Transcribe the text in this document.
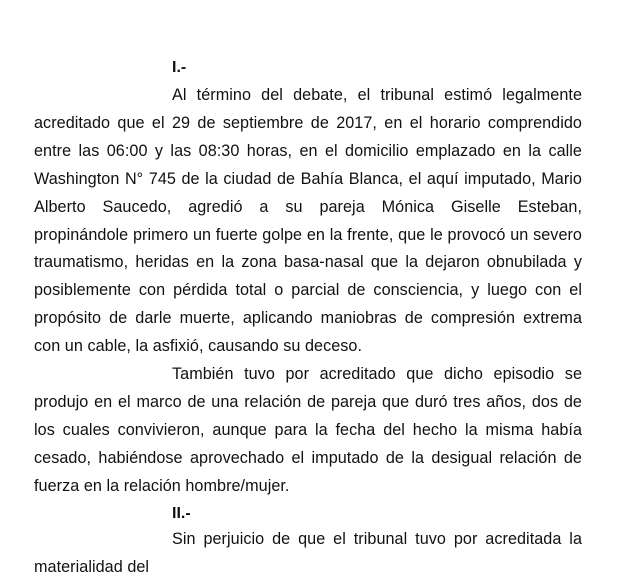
I.-

Al término del debate, el tribunal estimó legalmente acreditado que el 29 de septiembre de 2017, en el horario comprendido entre las 06:00 y las 08:30 horas, en el domicilio emplazado en la calle Washington N° 745 de la ciudad de Bahía Blanca, el aquí imputado, Mario Alberto Saucedo, agredió a su pareja Mónica Giselle Esteban, propinándole primero un fuerte golpe en la frente, que le provocó un severo traumatismo, heridas en la zona basa-nasal que la dejaron obnubilada y posiblemente con pérdida total o parcial de consciencia, y luego con el propósito de darle muerte, aplicando maniobras de compresión extrema con un cable, la asfixió, causando su deceso.

También tuvo por acreditado que dicho episodio se produjo en el marco de una relación de pareja que duró tres años, dos de los cuales convivieron, aunque para la fecha del hecho la misma había cesado, habiéndose aprovechado el imputado de la desigual relación de fuerza en la relación hombre/mujer.

II.-

Sin perjuicio de que el tribunal tuvo por acreditada la materialidad del
